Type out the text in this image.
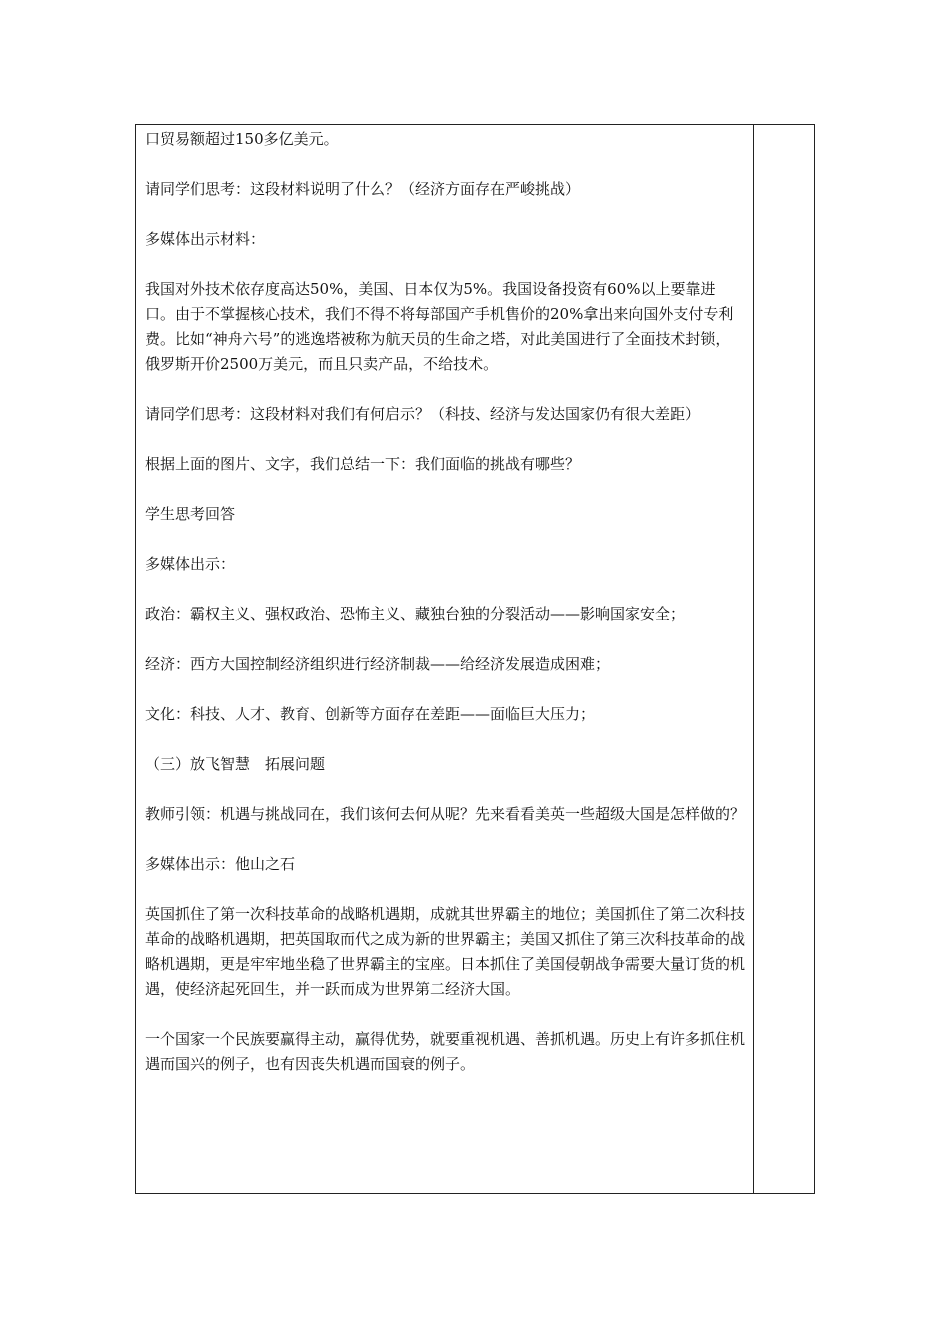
口贸易额超过150多亿美元。

请同学们思考：这段材料说明了什么？（经济方面存在严峻挑战）

多媒体出示材料：

我国对外技术依存度高达50%，美国、日本仅为5%。我国设备投资有60%以上要靠进口。由于不掌握核心技术，我们不得不将每部国产手机售价的20%拿出来向国外支付专利费。比如“神舟六号”的逃逸塔被称为航天员的生命之塔，对此美国进行了全面技术封锁，俄罗斯开价2500万美元，而且只卖产品，不给技术。

请同学们思考：这段材料对我们有何启示？（科技、经济与发达国家仍有很大差距）

根据上面的图片、文字，我们总结一下：我们面临的挑战有哪些？

学生思考回答

多媒体出示：

政治：霸权主义、强权政治、恐怖主义、藏独台独的分裂活动——影响国家安全；

经济：西方大国控制经济组织进行经济制裁——给经济发展造成困难；

文化：科技、人才、教育、创新等方面存在差距——面临巨大压力；

（三）放飞智慧　拓展问题

教师引领：机遇与挑战同在，我们该何去何从呢？先来看看美英一些超级大国是怎样做的？

多媒体出示：他山之石

英国抓住了第一次科技革命的战略机遇期，成就其世界霸主的地位；美国抓住了第二次科技革命的战略机遇期，把英国取而代之成为新的世界霸主；美国又抓住了第三次科技革命的战略机遇期，更是牢牢地坐稳了世界霸主的宝座。日本抓住了美国侵朝战争需要大量订货的机遇，使经济起死回生，并一跃而成为世界第二经济大国。

一个国家一个民族要赢得主动，赢得优势，就要重视机遇、善抓机遇。历史上有许多抓住机遇而国兴的例子，也有因丧失机遇而国衰的例子。
